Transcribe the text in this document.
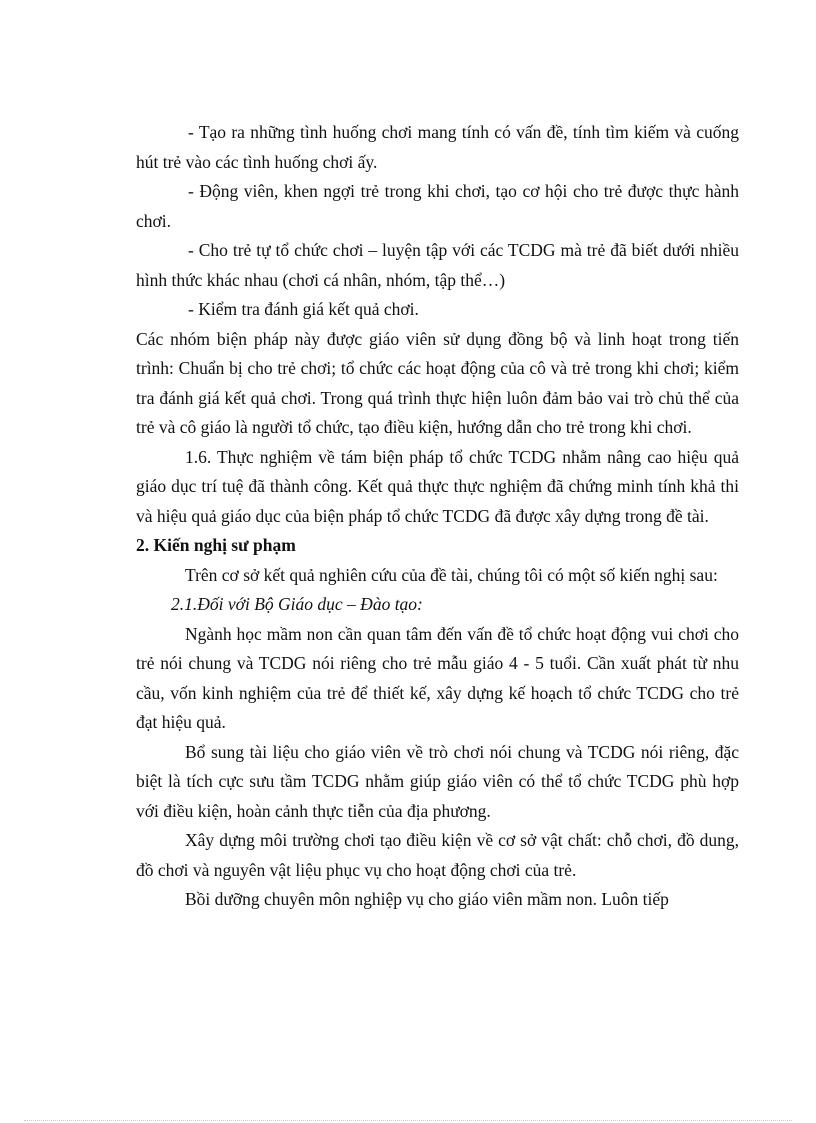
- Tạo ra những tình huống chơi mang tính có vấn đề, tính tìm kiếm và cuống hút trẻ vào các tình huống chơi ấy.

- Động viên, khen ngợi trẻ trong khi chơi, tạo cơ hội cho trẻ được thực hành chơi.

- Cho trẻ tự tổ chức chơi – luyện tập với các TCDG mà trẻ đã biết dưới nhiều hình thức khác nhau (chơi cá nhân, nhóm, tập thể…)

- Kiểm tra đánh giá kết quả chơi.

Các nhóm biện pháp này được giáo viên sử dụng đồng bộ và linh hoạt trong tiến trình: Chuẩn bị cho trẻ chơi; tổ chức các hoạt động của cô và trẻ trong khi chơi; kiểm tra đánh giá kết quả chơi. Trong quá trình thực hiện luôn đảm bảo vai trò chủ thể của trẻ và cô giáo là người tổ chức, tạo điều kiện, hướng dẫn cho trẻ trong khi chơi.

1.6. Thực nghiệm về tám biện pháp tổ chức TCDG nhằm nâng cao hiệu quả giáo dục trí tuệ đã thành công. Kết quả thực thực nghiệm đã chứng minh tính khả thi và hiệu quả giáo dục của biện pháp tổ chức TCDG đã được xây dựng trong đề tài.

2. Kiến nghị sư phạm

Trên cơ sở kết quả nghiên cứu của đề tài, chúng tôi có một số kiến nghị sau:

2.1.Đối với Bộ Giáo dục – Đào tạo:

Ngành học mầm non cần quan tâm đến vấn đề tổ chức hoạt động vui chơi cho trẻ nói chung và TCDG nói riêng cho trẻ mẫu giáo 4 - 5 tuổi. Cần xuất phát từ nhu cầu, vốn kinh nghiệm của trẻ để thiết kế, xây dựng kế hoạch tổ chức TCDG cho trẻ đạt hiệu quả.

Bổ sung tài liệu cho giáo viên về trò chơi nói chung và TCDG nói riêng, đặc biệt là tích cực sưu tầm TCDG nhằm giúp giáo viên có thể tổ chức TCDG phù hợp với điều kiện, hoàn cảnh thực tiễn của địa phương.

Xây dựng môi trường chơi tạo điều kiện về cơ sở vật chất: chỗ chơi, đồ dung, đồ chơi và nguyên vật liệu phục vụ cho hoạt động chơi của trẻ.

Bồi dưỡng chuyên môn nghiệp vụ cho giáo viên mầm non. Luôn tiếp
